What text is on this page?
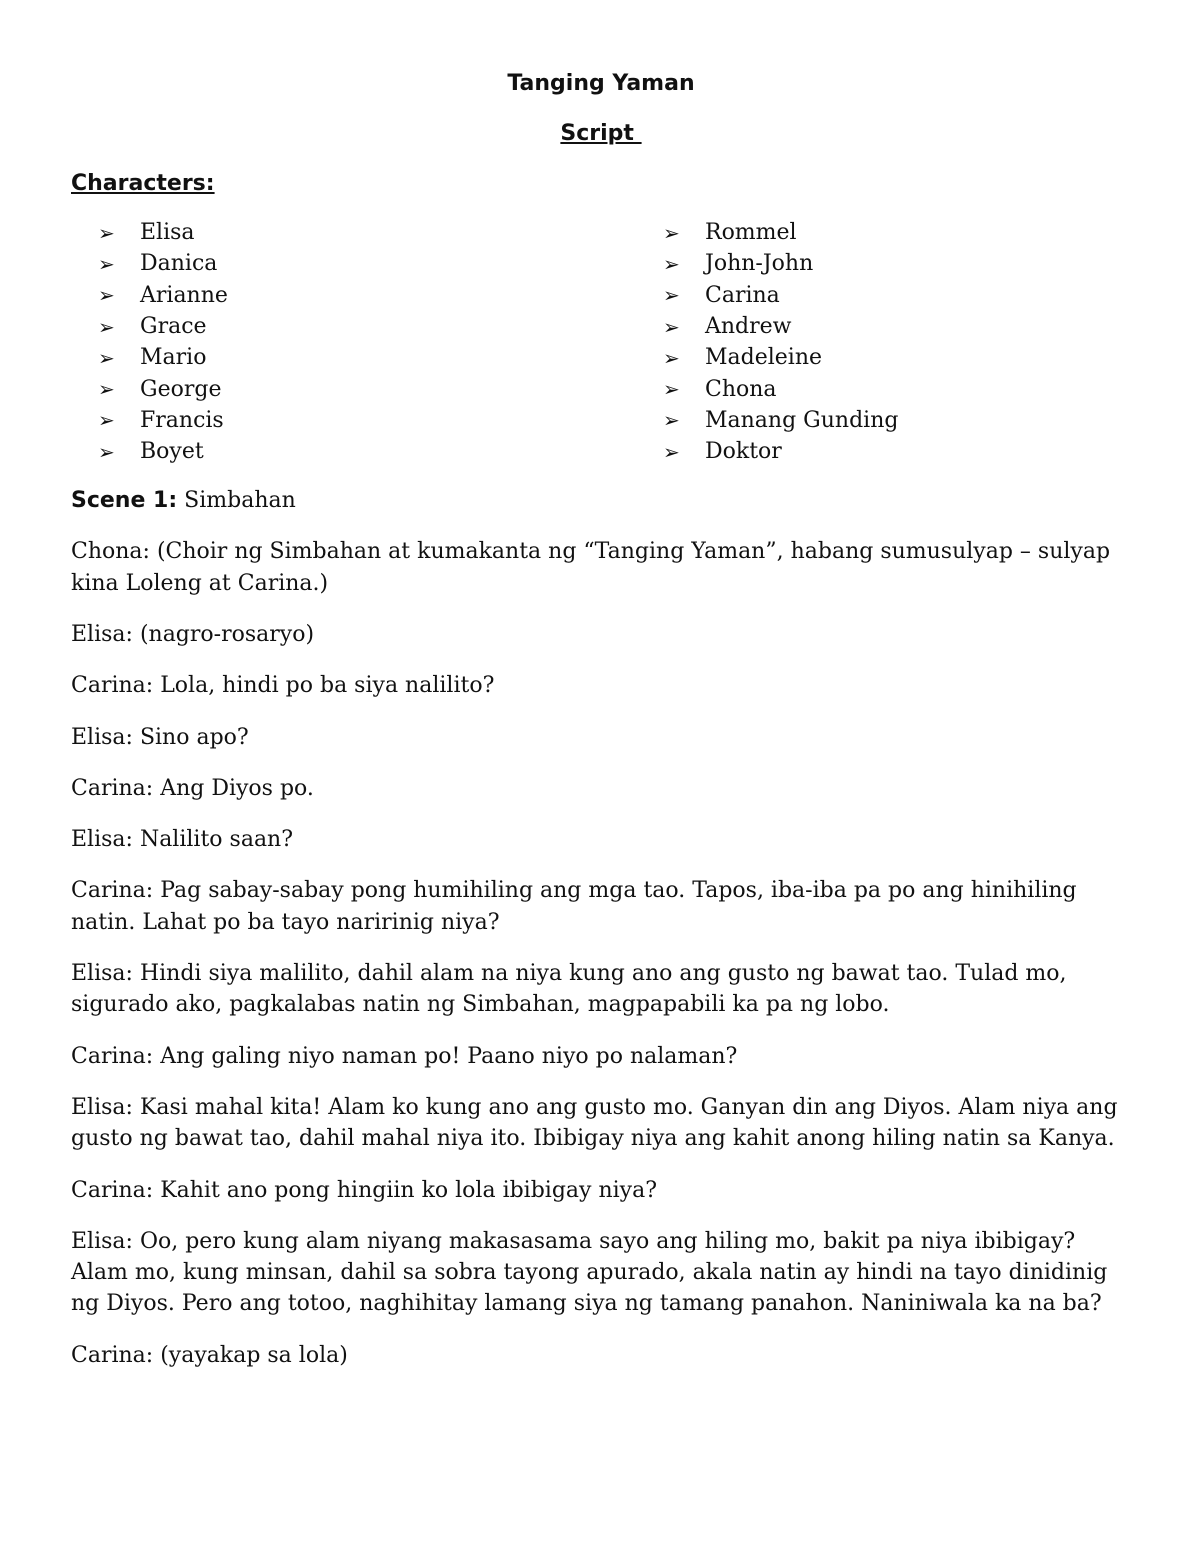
Tanging Yaman

Script

Characters:

➢	Elisa
➢	Danica
➢	Arianne
➢	Grace
➢	Mario
➢	George
➢	Francis
➢	Boyet
➢	Rommel
➢	John-John
➢	Carina
➢	Andrew
➢	Madeleine
➢	Chona
➢	Manang Gunding
➢	Doktor

Scene 1: Simbahan

Chona: (Choir ng Simbahan at kumakanta ng “Tanging Yaman”, habang sumusulyap – sulyap kina Loleng at Carina.)

Elisa: (nagro-rosaryo)

Carina: Lola, hindi po ba siya nalilito?

Elisa: Sino apo?

Carina: Ang Diyos po.

Elisa: Nalilito saan?

Carina: Pag sabay-sabay pong humihiling ang mga tao. Tapos, iba-iba pa po ang hinihiling natin. Lahat po ba tayo naririnig niya?

Elisa: Hindi siya malilito, dahil alam na niya kung ano ang gusto ng bawat tao. Tulad mo, sigurado ako, pagkalabas natin ng Simbahan, magpapabili ka pa ng lobo.

Carina: Ang galing niyo naman po! Paano niyo po nalaman?

Elisa: Kasi mahal kita! Alam ko kung ano ang gusto mo. Ganyan din ang Diyos. Alam niya ang gusto ng bawat tao, dahil mahal niya ito. Ibibigay niya ang kahit anong hiling natin sa Kanya.

Carina: Kahit ano pong hingiin ko lola ibibigay niya?

Elisa: Oo, pero kung alam niyang makasasama sayo ang hiling mo, bakit pa niya ibibigay? Alam mo, kung minsan, dahil sa sobra tayong apurado, akala natin ay hindi na tayo dinidinig ng Diyos. Pero ang totoo, naghihitay lamang siya ng tamang panahon. Naniniwala ka na ba?

Carina: (yayakap sa lola)
